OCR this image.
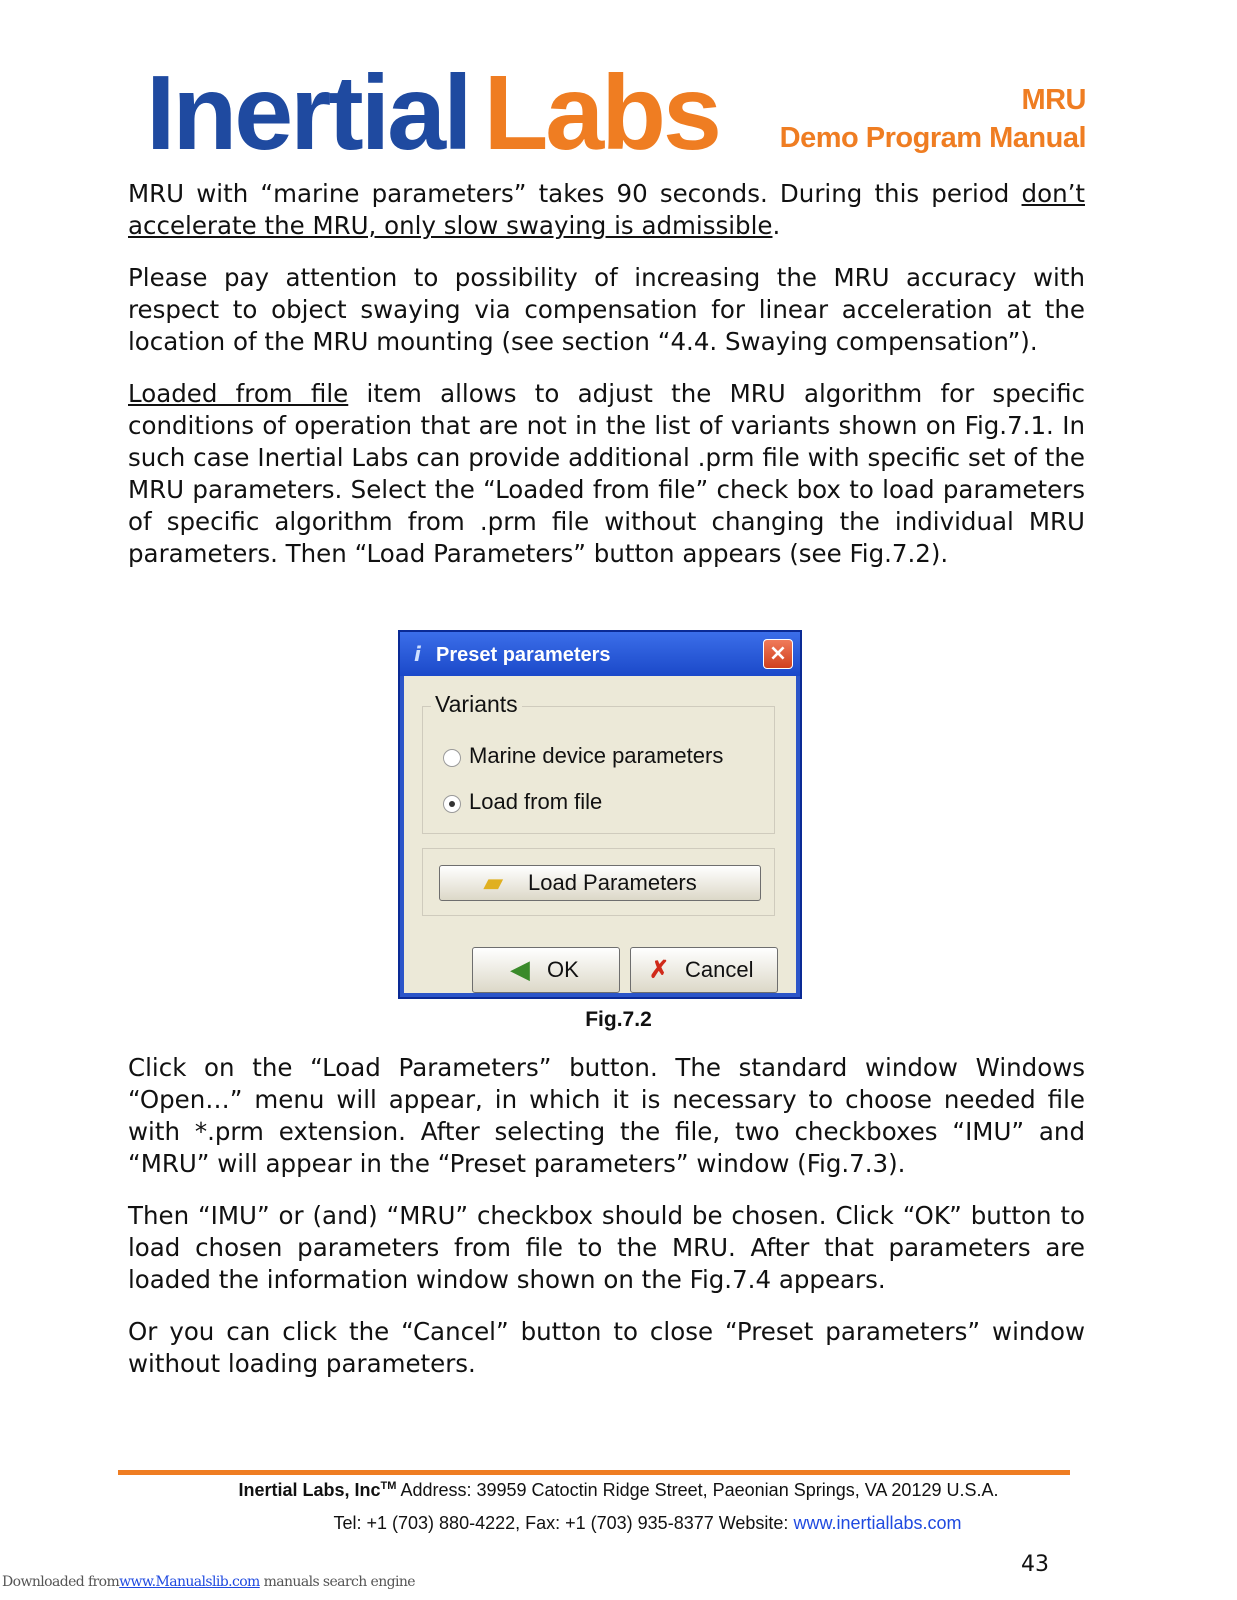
Inertial Labs	MRU
Demo Program Manual
MRU with “marine parameters” takes 90 seconds. During this period don’t accelerate the MRU, only slow swaying is admissible.
Please pay attention to possibility of increasing the MRU accuracy with respect to object swaying via compensation for linear acceleration at the location of the MRU mounting (see section “4.4. Swaying compensation”).
Loaded from file item allows to adjust the MRU algorithm for specific conditions of operation that are not in the list of variants shown on Fig.7.1. In such case Inertial Labs can provide additional .prm file with specific set of the MRU parameters. Select the “Loaded from file” check box to load parameters of specific algorithm from .prm file without changing the individual MRU parameters. Then “Load Parameters” button appears (see Fig.7.2).
i Preset parameters	×
Variants
Marine device parameters
Load from file
▰ Load Parameters
◀ OK	✗ Cancel
Fig.7.2
Click on the “Load Parameters” button. The standard window Windows “Open…” menu will appear, in which it is necessary to choose needed file with *.prm extension. After selecting the file, two checkboxes “IMU” and “MRU” will appear in the “Preset parameters” window (Fig.7.3).
Then “IMU” or (and) “MRU” checkbox should be chosen. Click “OK” button to load chosen parameters from file to the MRU. After that parameters are loaded the information window shown on the Fig.7.4 appears.
Or you can click the “Cancel” button to close “Preset parameters” window without loading parameters.
Inertial Labs, Inc™ Address: 39959 Catoctin Ridge Street, Paeonian Springs, VA 20129 U.S.A.
Tel: +1 (703) 880-4222, Fax: +1 (703) 935-8377 Website: www.inertiallabs.com
43
Downloaded fromwww.Manualslib.com manuals search engine
